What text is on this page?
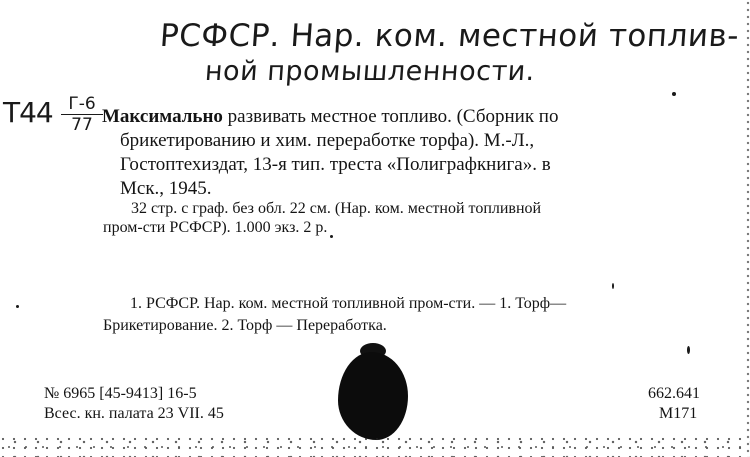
РСФСР. Нар. ком. местной топлив-
ной промышленности.
Т44 Г-6
77 Максимально развивать местное топливо. (Сборник по
брикетированию и хим. переработке торфа). М.-Л.,
Гостоптехиздат, 13-я тип. треста «Полиграфкнига». в
Мск., 1945.
32 стр. с граф. без обл. 22 см. (Нар. ком. местной топливной
пром-сти РСФСР). 1.000 экз. 2 р.
1. РСФСР. Нар. ком. местной топливной пром-сти. — 1. Торф—
Брикетирование. 2. Торф — Переработка.
№ 6965 [45-9413] 16-5
Всес. кн. палата 23 VII. 45
662.641
М171
